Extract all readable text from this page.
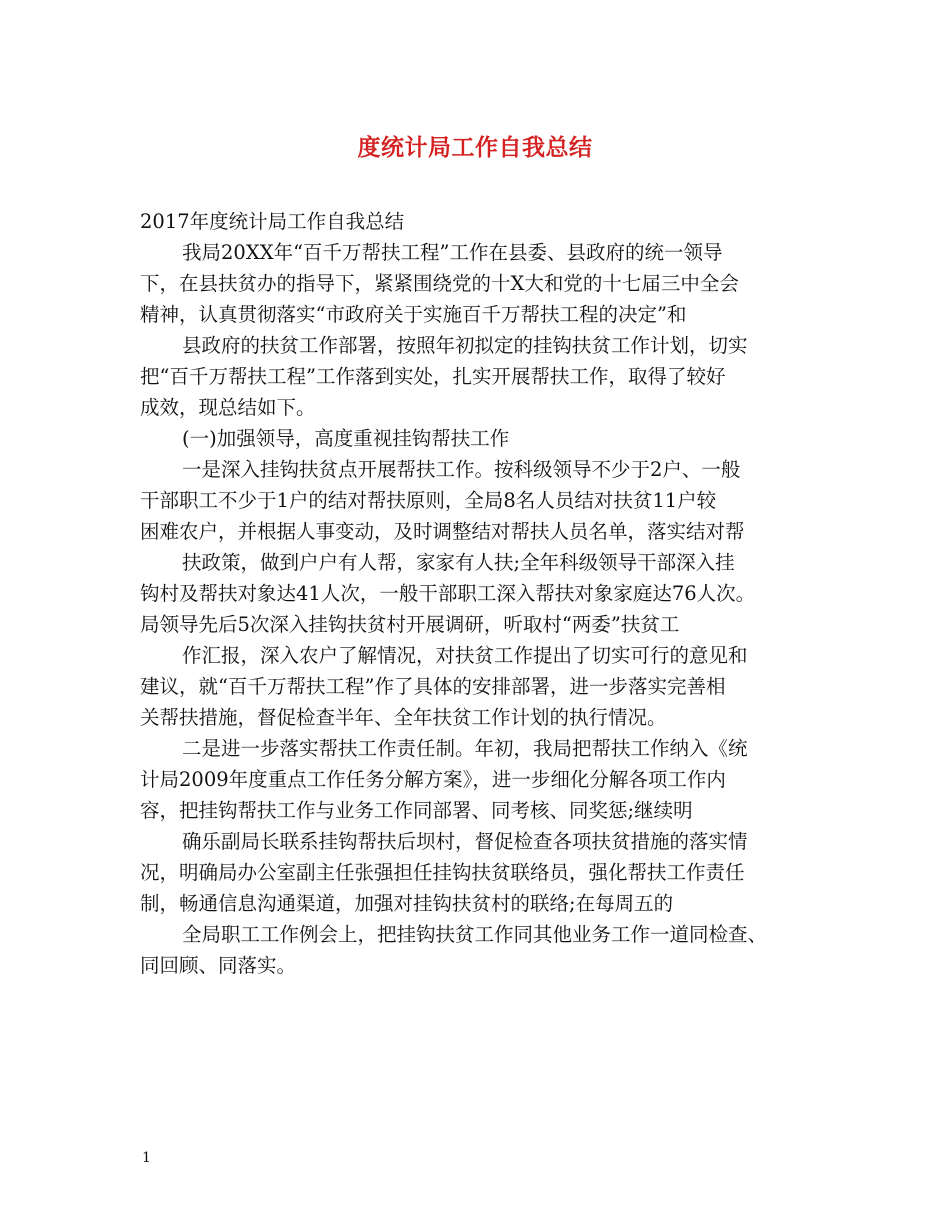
度统计局工作自我总结
2017年度统计局工作自我总结
我局20XX年“百千万帮扶工程”工作在县委、县政府的统一领导
下，在县扶贫办的指导下，紧紧围绕党的十X大和党的十七届三中全会
精神，认真贯彻落实“市政府关于实施百千万帮扶工程的决定”和
县政府的扶贫工作部署，按照年初拟定的挂钩扶贫工作计划，切实
把“百千万帮扶工程”工作落到实处，扎实开展帮扶工作，取得了较好
成效，现总结如下。
(一)加强领导，高度重视挂钩帮扶工作
一是深入挂钩扶贫点开展帮扶工作。按科级领导不少于2户、一般
干部职工不少于1户的结对帮扶原则，全局8名人员结对扶贫11户较
困难农户，并根据人事变动，及时调整结对帮扶人员名单，落实结对帮
扶政策，做到户户有人帮，家家有人扶;全年科级领导干部深入挂
钩村及帮扶对象达41人次，一般干部职工深入帮扶对象家庭达76人次。
局领导先后5次深入挂钩扶贫村开展调研，听取村“两委”扶贫工
作汇报，深入农户了解情况，对扶贫工作提出了切实可行的意见和
建议，就“百千万帮扶工程”作了具体的安排部署，进一步落实完善相
关帮扶措施，督促检查半年、全年扶贫工作计划的执行情况。
二是进一步落实帮扶工作责任制。年初，我局把帮扶工作纳入《统
计局2009年度重点工作任务分解方案》，进一步细化分解各项工作内
容，把挂钩帮扶工作与业务工作同部署、同考核、同奖惩;继续明
确乐副局长联系挂钩帮扶后坝村，督促检查各项扶贫措施的落实情
况，明确局办公室副主任张强担任挂钩扶贫联络员，强化帮扶工作责任
制，畅通信息沟通渠道，加强对挂钩扶贫村的联络;在每周五的
全局职工工作例会上，把挂钩扶贫工作同其他业务工作一道同检查、
同回顾、同落实。
1
